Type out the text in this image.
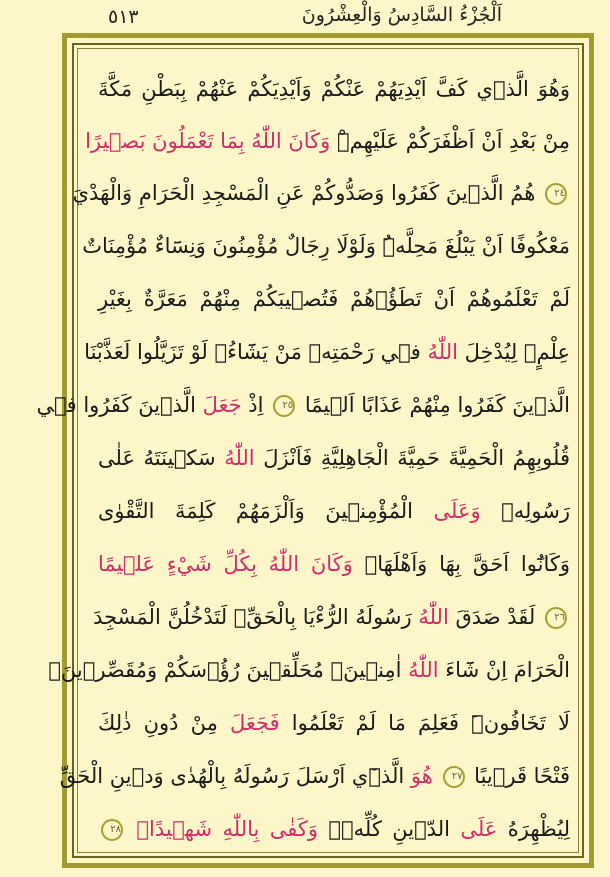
٥١٣	اَلْجُزْءُ السَّادِسُ وَالْعِشْرُونَ
وَهُوَ الَّذ۪ي كَفَّ اَيْدِيَهُمْ عَنْكُمْ وَاَيْدِيَكُمْ عَنْهُمْ بِبَطْنِ مَكَّةَ
مِنْ بَعْدِ اَنْ اَظْفَرَكُمْ عَلَيْهِمْۜ وَكَانَ اللّٰهُ بِمَا تَعْمَلُونَ بَص۪يرًا
٢٤ هُمُ الَّذ۪ينَ كَفَرُوا وَصَدُّوكُمْ عَنِ الْمَسْجِدِ الْحَرَامِ وَالْهَدْيَ
مَعْكُوفًا اَنْ يَبْلُغَ مَحِلَّهُۜ وَلَوْلَا رِجَالٌ مُؤْمِنُونَ وَنِسَٓاءٌ مُؤْمِنَاتٌ
لَمْ تَعْلَمُوهُمْ اَنْ تَطَؤُ۫هُمْ فَتُص۪يبَكُمْ مِنْهُمْ مَعَرَّةٌ بِغَيْرِ
عِلْمٍۚ لِيُدْخِلَ اللّٰهُ ف۪ي رَحْمَتِه۪ مَنْ يَشَٓاءُۚ لَوْ تَزَيَّلُوا لَعَذَّبْنَا
الَّذ۪ينَ كَفَرُوا مِنْهُمْ عَذَابًا اَل۪يمًا ٢٥ اِذْ جَعَلَ الَّذ۪ينَ كَفَرُوا ف۪ي
قُلُوبِهِمُ الْحَمِيَّةَ حَمِيَّةَ الْجَاهِلِيَّةِ فَاَنْزَلَ اللّٰهُ سَك۪ينَتَهُ عَلٰى
رَسُولِه۪ وَعَلَى الْمُؤْمِن۪ينَ وَاَلْزَمَهُمْ كَلِمَةَ التَّقْوٰى
وَكَانُٓوا اَحَقَّ بِهَا وَاَهْلَهَاۜ وَكَانَ اللّٰهُ بِكُلِّ شَيْءٍ عَل۪يمًا
٢٦ لَقَدْ صَدَقَ اللّٰهُ رَسُولَهُ الرُّءْيَا بِالْحَقِّۚ لَتَدْخُلُنَّ الْمَسْجِدَ
الْحَرَامَ اِنْ شَٓاءَ اللّٰهُ اٰمِن۪ينَۙ مُحَلِّق۪ينَ رُؤُ۫سَكُمْ وَمُقَصِّر۪ينَۙ
لَا تَخَافُونَۜ فَعَلِمَ مَا لَمْ تَعْلَمُوا فَجَعَلَ مِنْ دُونِ ذٰلِكَ
فَتْحًا قَر۪يبًا ٢٧ هُوَ الَّذ۪ٓي اَرْسَلَ رَسُولَهُ بِالْهُدٰى وَد۪ينِ الْحَقِّ
لِيُظْهِرَهُ عَلَى الدّ۪ينِ كُلِّه۪ۜ وَكَفٰى بِاللّٰهِ شَه۪يدًاۜ ٢٨
